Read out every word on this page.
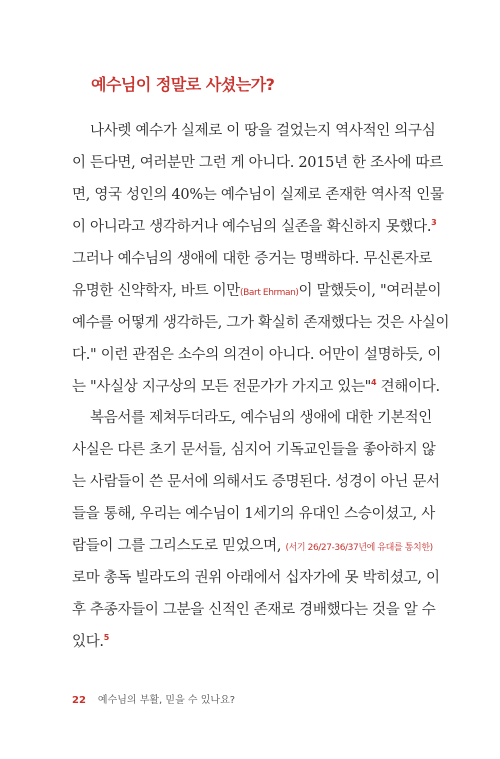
예수님이 정말로 사셨는가?
나사렛 예수가 실제로 이 땅을 걸었는지 역사적인 의구심
이 든다면, 여러분만 그런 게 아니다. 2015년 한 조사에 따르
면, 영국 성인의 40%는 예수님이 실제로 존재한 역사적 인물
이 아니라고 생각하거나 예수님의 실존을 확신하지 못했다.$^3$
그러나 예수님의 생애에 대한 증거는 명백하다. 무신론자로
유명한 신약학자, 바트 이만(Bart Ehrman)이 말했듯이, "여러분이
예수를 어떻게 생각하든, 그가 확실히 존재했다는 것은 사실이
다." 이런 관점은 소수의 의견이 아니다. 어만이 설명하듯, 이
는 "사실상 지구상의 모든 전문가가 가지고 있는"$^4$ 견해이다.
복음서를 제쳐두더라도, 예수님의 생애에 대한 기본적인
사실은 다른 초기 문서들, 심지어 기독교인들을 좋아하지 않
는 사람들이 쓴 문서에 의해서도 증명된다. 성경이 아닌 문서
들을 통해, 우리는 예수님이 1세기의 유대인 스승이셨고, 사
람들이 그를 그리스도로 믿었으며, (서기 26/27-36/37년에 유대를 통치한)
로마 총독 빌라도의 권위 아래에서 십자가에 못 박히셨고, 이
후 추종자들이 그분을 신적인 존재로 경배했다는 것을 알 수
있다.$^5$
22 예수님의 부활, 믿을 수 있나요?
